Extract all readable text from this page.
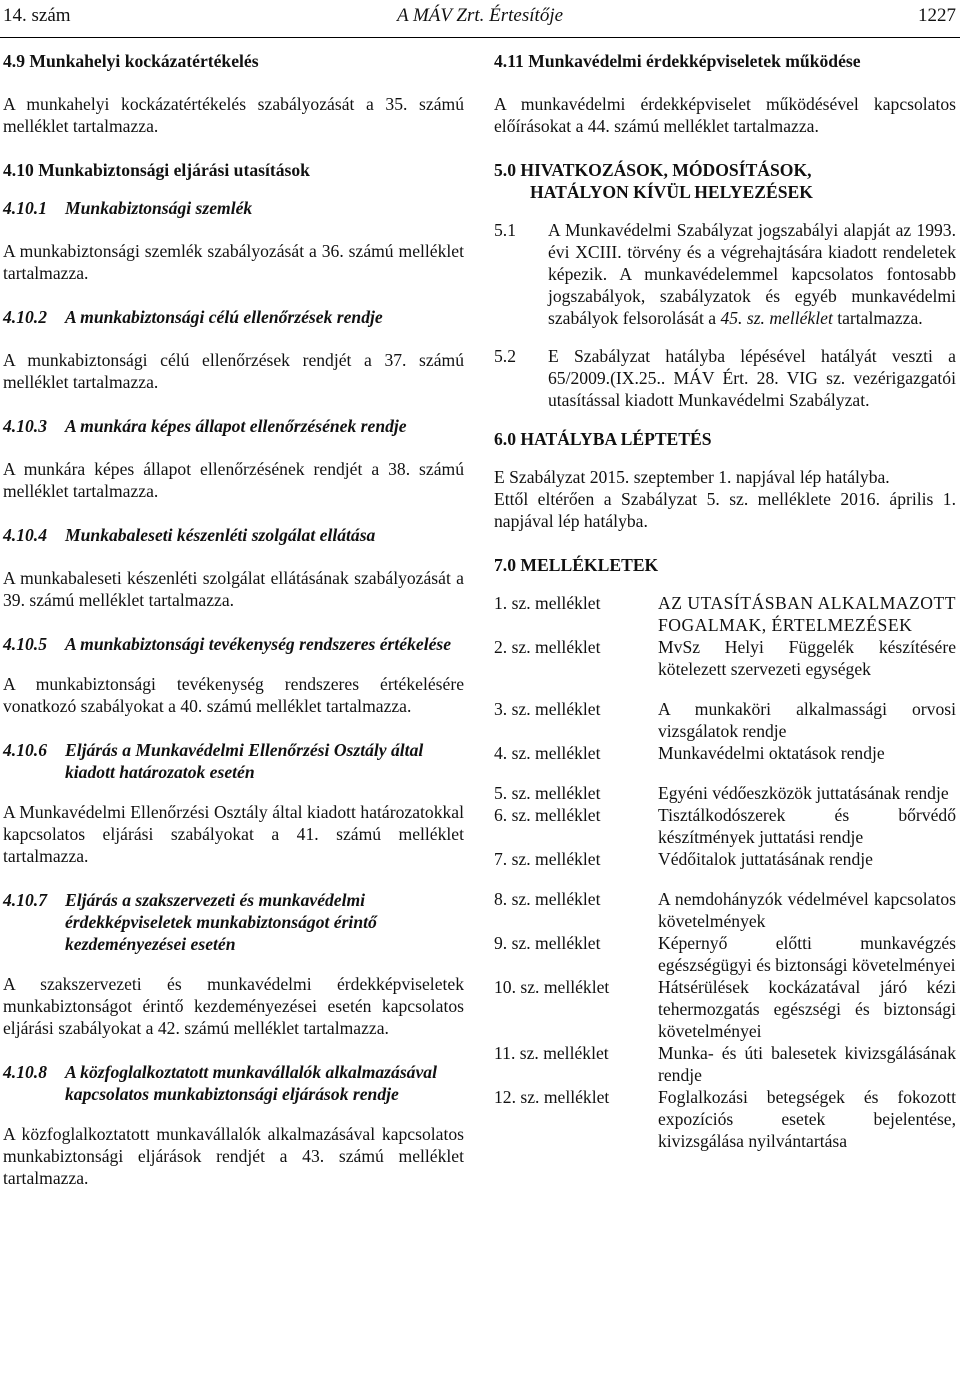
14. szám	A MÁV Zrt. Értesítője	1227
4.9 Munkahelyi kockázatértékelés

A munkahelyi kockázatértékelés szabályozását a 35. számú melléklet tartalmazza.

4.10 Munkabiztonsági eljárási utasítások
4.10.1	Munkabiztonsági szemlék

A munkabiztonsági szemlék szabályozását a 36. számú melléklet tartalmazza.

4.10.2	A munkabiztonsági célú ellenőrzések rendje

A munkabiztonsági célú ellenőrzések rendjét a 37. számú melléklet tartalmazza.

4.10.3	A munkára képes állapot ellenőrzésének rendje

A munkára képes állapot ellenőrzésének rendjét a 38. számú melléklet tartalmazza.

4.10.4	Munkabaleseti készenléti szolgálat ellátása

A munkabaleseti készenléti szolgálat ellátásának szabályozását a 39. számú melléklet tartalmazza.

4.10.5	A munkabiztonsági tevékenység rendszeres értékelése

A munkabiztonsági tevékenység rendszeres értékelésére vonatkozó szabályokat a 40. számú melléklet tartalmazza.

4.10.6	Eljárás a Munkavédelmi Ellenőrzési Osztály által kiadott határozatok esetén

A Munkavédelmi Ellenőrzési Osztály által kiadott határozatokkal kapcsolatos eljárási szabályokat a 41. számú melléklet tartalmazza.

4.10.7	Eljárás a szakszervezeti és munkavédelmi érdekképviseletek munkabiztonságot érintő kezdeményezései esetén

A szakszervezeti és munkavédelmi érdekképviseletek munkabiztonságot érintő kezdeményezései esetén kapcsolatos eljárási szabályokat a 42. számú melléklet tartalmazza.

4.10.8	A közfoglalkoztatott munkavállalók alkalmazásával kapcsolatos munkabiztonsági eljárások rendje

A közfoglalkoztatott munkavállalók alkalmazásával kapcsolatos munkabiztonsági eljárások rendjét a 43. számú melléklet tartalmazza.

4.11 Munkavédelmi érdekképviseletek működése

A munkavédelmi érdekképviselet működésével kapcsolatos előírásokat a 44. számú melléklet tartalmazza.

5.0 HIVATKOZÁSOK, MÓDOSÍTÁSOK,
HATÁLYON KÍVÜL HELYEZÉSEK
5.1	A Munkavédelmi Szabályzat jogszabályi alapját az 1993. évi XCIII. törvény és a végrehajtására kiadott rendeletek képezik. A munkavédelemmel kapcsolatos fontosabb jogszabályok, szabályzatok és egyéb munkavédelmi szabályok felsorolását a 45. sz. melléklet tartalmazza.

5.2	E Szabályzat hatályba lépésével hatályát veszti a 65/2009.(IX.25.. MÁV Ért. 28. VIG sz. vezérigazgatói utasítással kiadott Munkavédelmi Szabályzat.

6.0 HATÁLYBA LÉPTETÉS

E Szabályzat 2015. szeptember 1. napjával lép hatályba.

Ettől eltérően a Szabályzat 5. sz. melléklete 2016. április 1. napjával lép hatályba.

7.0 MELLÉKLETEK
1. sz. melléklet	AZ UTASÍTÁSBAN ALKALMAZOTT FOGALMAK, ÉRTELMEZÉSEK
2. sz. melléklet	MvSz Helyi Függelék készítésére kötelezett szervezeti egységek
3. sz. melléklet	A munkaköri alkalmassági orvosi vizsgálatok rendje
4. sz. melléklet	Munkavédelmi oktatások rendje
5. sz. melléklet	Egyéni védőeszközök juttatásának rendje
6. sz. melléklet	Tisztálkodószerek és bőrvédő készítmények juttatási rendje
7. sz. melléklet	Védőitalok juttatásának rendje
8. sz. melléklet	A nemdohányzók védelmével kapcsolatos követelmények
9. sz. melléklet	Képernyő előtti munkavégzés egészségügyi és biztonsági követelményei
10. sz. melléklet	Hátsérülések kockázatával járó kézi tehermozgatás egészségi és biztonsági követelményei
11. sz. melléklet	Munka- és úti balesetek kivizsgálásának rendje
12. sz. melléklet	Foglalkozási betegségek és fokozott expozíciós esetek bejelentése, kivizsgálása nyilvántartása
